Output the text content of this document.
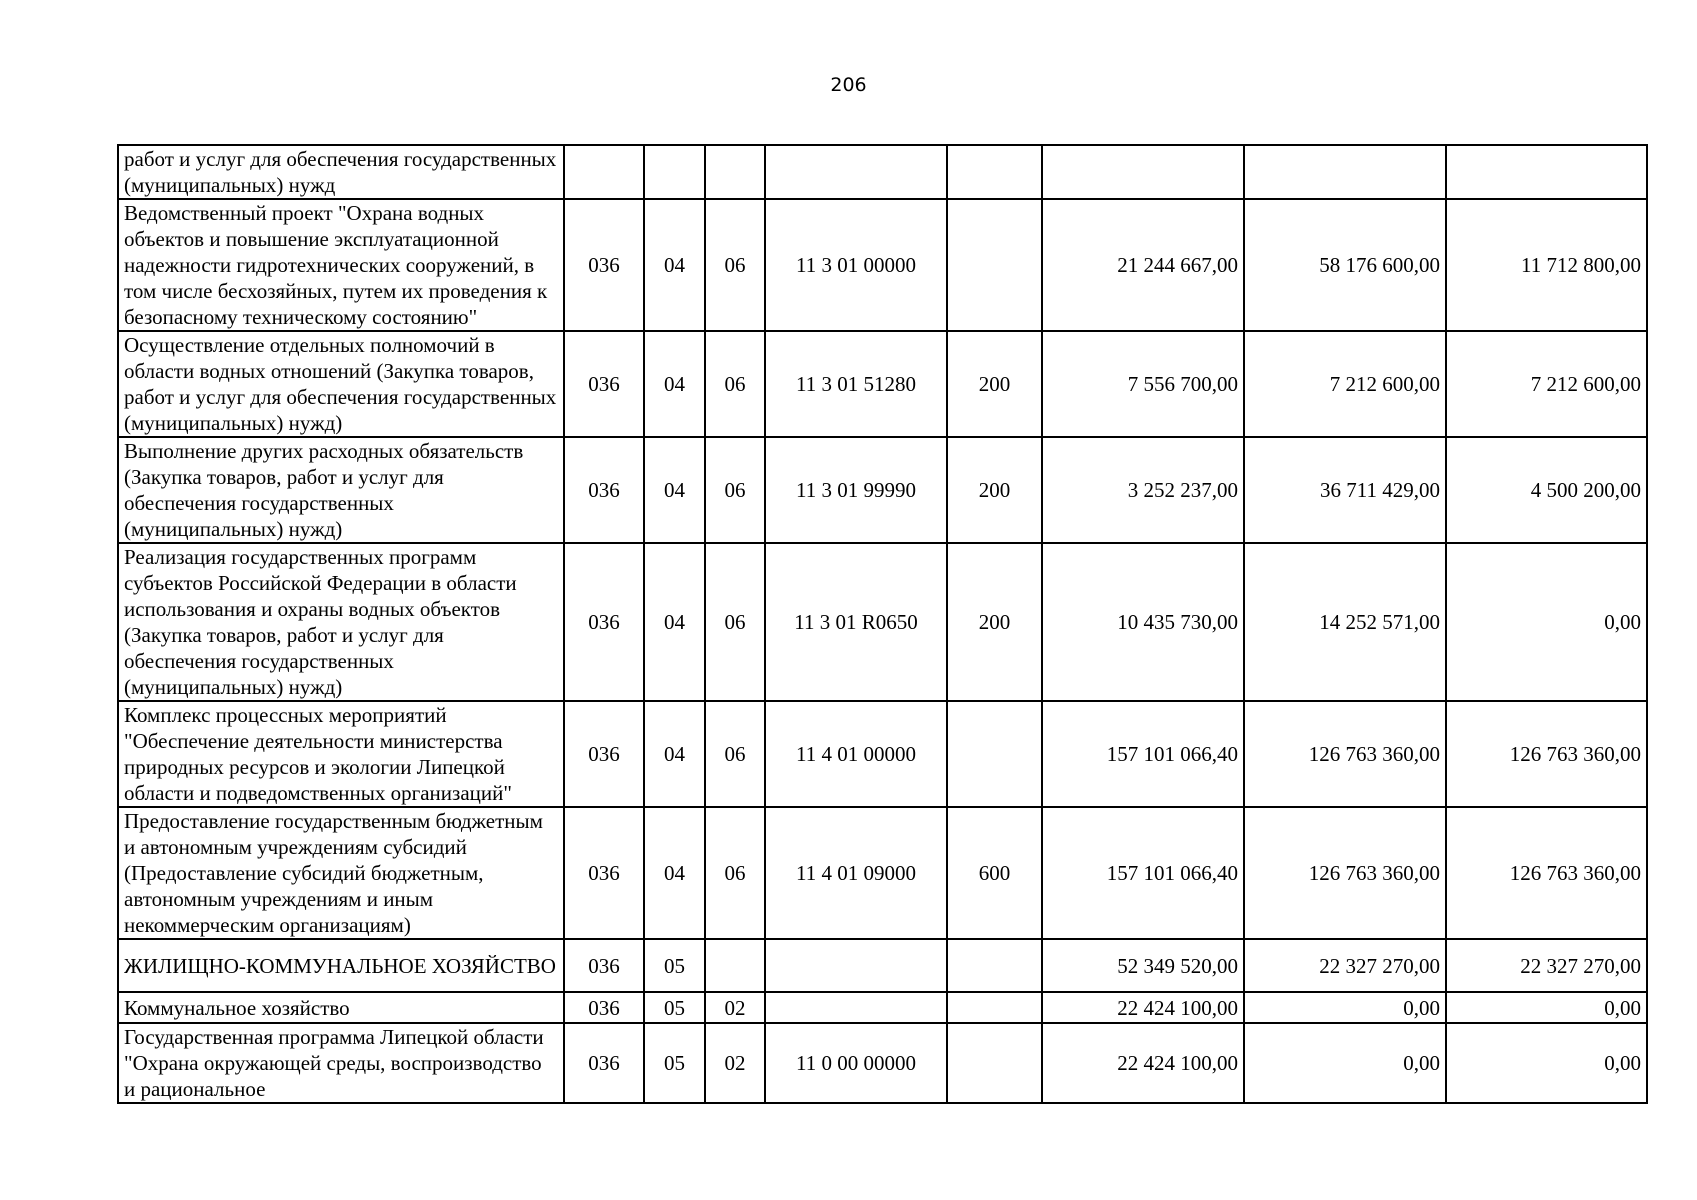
206
работ и услуг для обеспечения государственных (муниципальных) нужд								
Ведомственный проект "Охрана водных объектов и повышение эксплуатационной надежности гидротехнических сооружений, в том числе бесхозяйных, путем их проведения к безопасному техническому состоянию"	036	04	06	11 3 01 00000		21 244 667,00	58 176 600,00	11 712 800,00
Осуществление отдельных полномочий в области водных отношений (Закупка товаров, работ и услуг для обеспечения государственных (муниципальных) нужд)	036	04	06	11 3 01 51280	200	7 556 700,00	7 212 600,00	7 212 600,00
Выполнение других расходных обязательств (Закупка товаров, работ и услуг для обеспечения государственных (муниципальных) нужд)	036	04	06	11 3 01 99990	200	3 252 237,00	36 711 429,00	4 500 200,00
Реализация государственных программ субъектов Российской Федерации в области использования и охраны водных объектов (Закупка товаров, работ и услуг для обеспечения государственных (муниципальных) нужд)	036	04	06	11 3 01 R0650	200	10 435 730,00	14 252 571,00	0,00
Комплекс процессных мероприятий "Обеспечение деятельности министерства природных ресурсов и экологии Липецкой области и подведомственных организаций"	036	04	06	11 4 01 00000		157 101 066,40	126 763 360,00	126 763 360,00
Предоставление государственным бюджетным и автономным учреждениям субсидий (Предоставление субсидий бюджетным, автономным учреждениям и иным некоммерческим организациям)	036	04	06	11 4 01 09000	600	157 101 066,40	126 763 360,00	126 763 360,00
ЖИЛИЩНО-КОММУНАЛЬНОЕ ХОЗЯЙСТВО	036	05				52 349 520,00	22 327 270,00	22 327 270,00
Коммунальное хозяйство	036	05	02			22 424 100,00	0,00	0,00
Государственная программа Липецкой области "Охрана окружающей среды, воспроизводство и рациональное	036	05	02	11 0 00 00000		22 424 100,00	0,00	0,00
